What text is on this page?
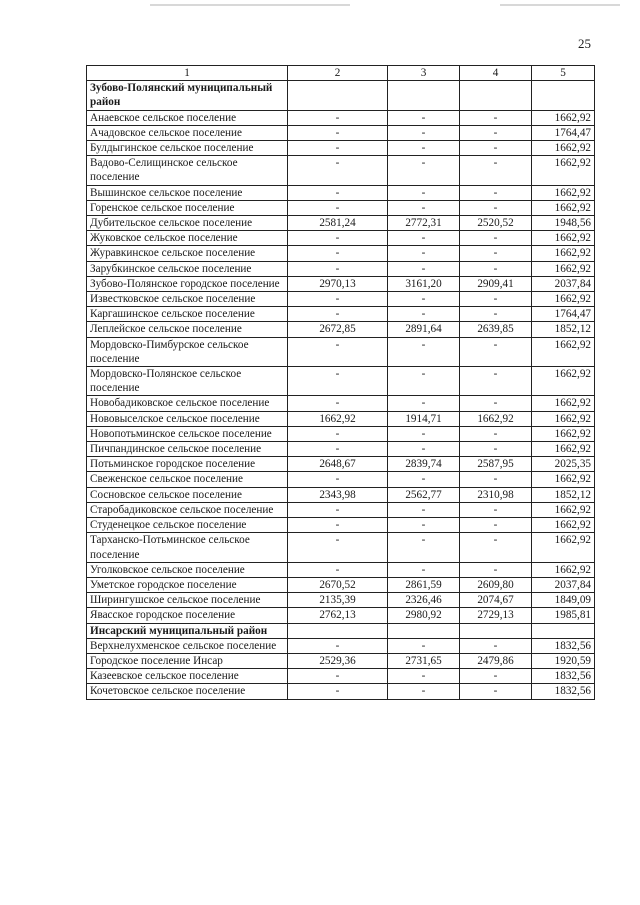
25
1	2	3	4	5
Зубово-Полянский муниципальный район				
Анаевское сельское поселение	-	-	-	1662,92
Ачадовское сельское поселение	-	-	-	1764,47
Булдыгинское сельское поселение	-	-	-	1662,92
Вадово-Селищинское сельское поселение	-	-	-	1662,92
Вышинское сельское поселение	-	-	-	1662,92
Горенское сельское поселение	-	-	-	1662,92
Дубительское сельское поселение	2581,24	2772,31	2520,52	1948,56
Жуковское сельское поселение	-	-	-	1662,92
Журавкинское сельское поселение	-	-	-	1662,92
Зарубкинское сельское поселение	-	-	-	1662,92
Зубово-Полянское городское поселение	2970,13	3161,20	2909,41	2037,84
Известковское сельское поселение	-	-	-	1662,92
Каргашинское сельское поселение	-	-	-	1764,47
Леплейское сельское поселение	2672,85	2891,64	2639,85	1852,12
Мордовско-Пимбурское сельское поселение	-	-	-	1662,92
Мордовско-Полянское сельское поселение	-	-	-	1662,92
Новобадиковское сельское поселение	-	-	-	1662,92
Нововыселское сельское поселение	1662,92	1914,71	1662,92	1662,92
Новопотьминское сельское поселение	-	-	-	1662,92
Пичпандинское сельское поселение	-	-	-	1662,92
Потьминское городское поселение	2648,67	2839,74	2587,95	2025,35
Свеженское сельское поселение	-	-	-	1662,92
Сосновское сельское поселение	2343,98	2562,77	2310,98	1852,12
Старобадиковское сельское поселение	-	-	-	1662,92
Студенецкое сельское поселение	-	-	-	1662,92
Тарханско-Потьминское сельское поселение	-	-	-	1662,92
Уголковское сельское поселение	-	-	-	1662,92
Уметское городское поселение	2670,52	2861,59	2609,80	2037,84
Ширингушское сельское поселение	2135,39	2326,46	2074,67	1849,09
Явасское городское поселение	2762,13	2980,92	2729,13	1985,81
Инсарский муниципальный район				
Верхнелухменское сельское поселение	-	-	-	1832,56
Городское поселение Инсар	2529,36	2731,65	2479,86	1920,59
Казеевское сельское поселение	-	-	-	1832,56
Кочетовское сельское поселение	-	-	-	1832,56
